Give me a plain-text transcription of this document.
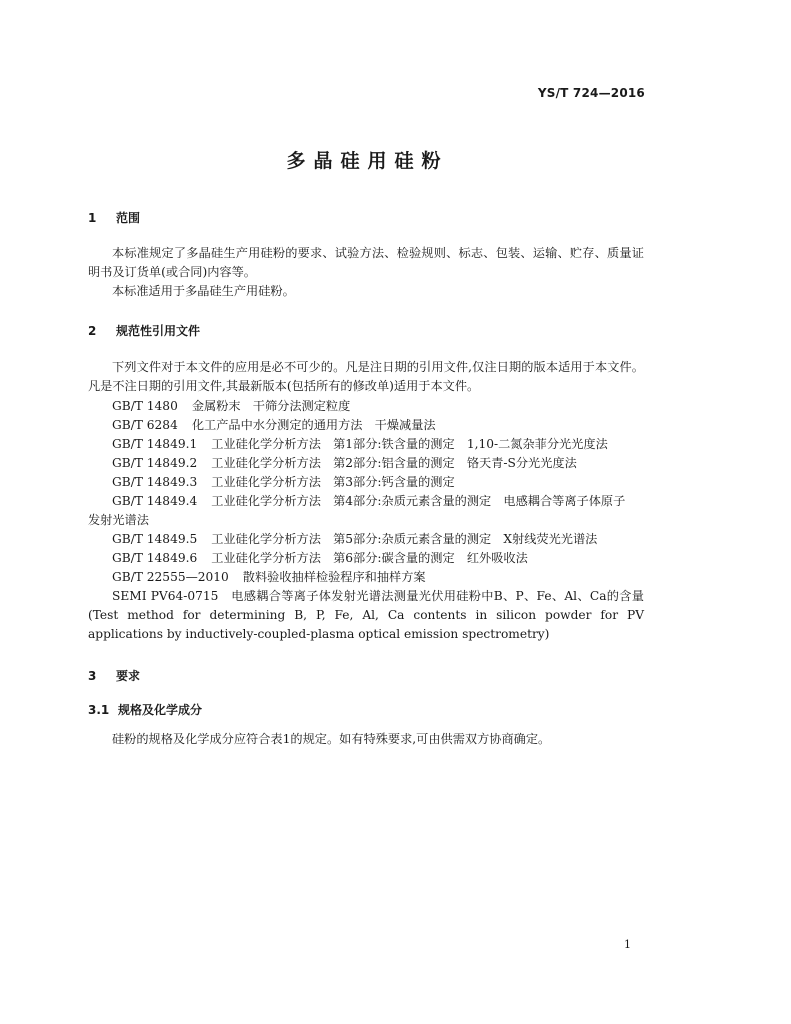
YS/T 724—2016
多晶硅用硅粉
1 范围
本标准规定了多晶硅生产用硅粉的要求、试验方法、检验规则、标志、包装、运输、贮存、质量证明书及订货单(或合同)内容等。
本标准适用于多晶硅生产用硅粉。
2 规范性引用文件
下列文件对于本文件的应用是必不可少的。凡是注日期的引用文件,仅注日期的版本适用于本文件。凡是不注日期的引用文件,其最新版本(包括所有的修改单)适用于本文件。
GB/T 1480 金属粉末　干筛分法测定粒度
GB/T 6284 化工产品中水分测定的通用方法　干燥减量法
GB/T 14849.1 工业硅化学分析方法　第1部分:铁含量的测定　1,10-二氮杂菲分光光度法
GB/T 14849.2 工业硅化学分析方法　第2部分:铝含量的测定　铬天青-S分光光度法
GB/T 14849.3 工业硅化学分析方法　第3部分:钙含量的测定
GB/T 14849.4 工业硅化学分析方法　第4部分:杂质元素含量的测定　电感耦合等离子体原子
发射光谱法
GB/T 14849.5 工业硅化学分析方法　第5部分:杂质元素含量的测定　X射线荧光光谱法
GB/T 14849.6 工业硅化学分析方法　第6部分:碳含量的测定　红外吸收法
GB/T 22555—2010 散料验收抽样检验程序和抽样方案
SEMI PV64-0715　电感耦合等离子体发射光谱法测量光伏用硅粉中B、P、Fe、Al、Ca的含量(Test method for determining B, P, Fe, Al, Ca contents in silicon powder for PV applications by inductively-coupled-plasma optical emission spectrometry)
3 要求
3.1 规格及化学成分
硅粉的规格及化学成分应符合表1的规定。如有特殊要求,可由供需双方协商确定。
1
